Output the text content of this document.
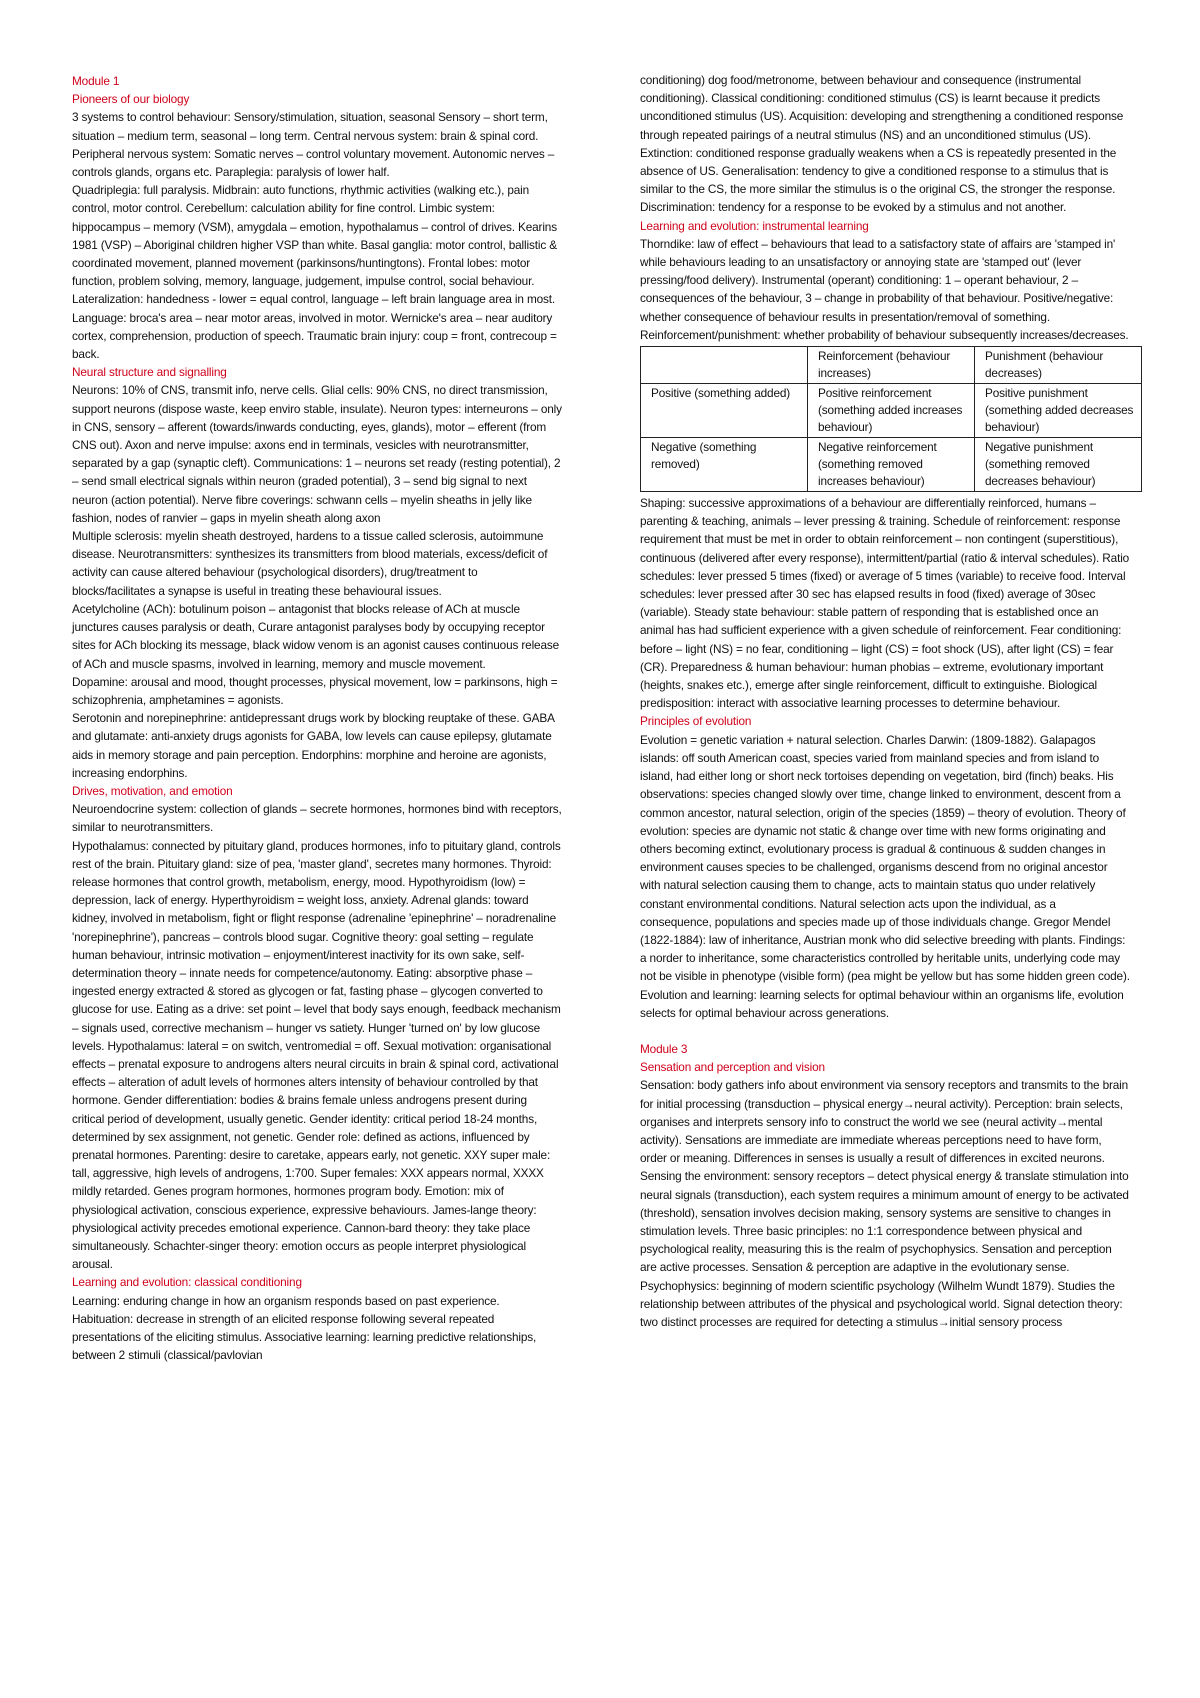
Module 1

Pioneers of our biology

3 systems to control behaviour: Sensory/stimulation, situation, seasonal Sensory – short term, situation – medium term, seasonal – long term. Central nervous system: brain & spinal cord. Peripheral nervous system: Somatic nerves – control voluntary movement. Autonomic nerves – controls glands, organs etc. Paraplegia: paralysis of lower half.

Quadriplegia: full paralysis. Midbrain: auto functions, rhythmic activities (walking etc.), pain control, motor control. Cerebellum: calculation ability for fine control. Limbic system: hippocampus – memory (VSM), amygdala – emotion, hypothalamus – control of drives. Kearins 1981 (VSP) – Aboriginal children higher VSP than white. Basal ganglia: motor control, ballistic & coordinated movement, planned movement (parkinsons/huntingtons). Frontal lobes: motor function, problem solving, memory, language, judgement, impulse control, social behaviour.

Lateralization: handedness - lower = equal control, language – left brain language area in most. Language: broca's area – near motor areas, involved in motor. Wernicke's area – near auditory cortex, comprehension, production of speech. Traumatic brain injury: coup = front, contrecoup = back.

Neural structure and signalling

Neurons: 10% of CNS, transmit info, nerve cells. Glial cells: 90% CNS, no direct transmission, support neurons (dispose waste, keep enviro stable, insulate). Neuron types: interneurons – only in CNS, sensory – afferent (towards/inwards conducting, eyes, glands), motor – efferent (from CNS out). Axon and nerve impulse: axons end in terminals, vesicles with neurotransmitter, separated by a gap (synaptic cleft). Communications: 1 – neurons set ready (resting potential), 2 – send small electrical signals within neuron (graded potential), 3 – send big signal to next neuron (action potential). Nerve fibre coverings: schwann cells – myelin sheaths in jelly like fashion, nodes of ranvier – gaps in myelin sheath along axon

Multiple sclerosis: myelin sheath destroyed, hardens to a tissue called sclerosis, autoimmune disease. Neurotransmitters: synthesizes its transmitters from blood materials, excess/deficit of activity can cause altered behaviour (psychological disorders), drug/treatment to blocks/facilitates a synapse is useful in treating these behavioural issues.

Acetylcholine (ACh): botulinum poison – antagonist that blocks release of ACh at muscle junctures causes paralysis or death, Curare antagonist paralyses body by occupying receptor sites for ACh blocking its message, black widow venom is an agonist causes continuous release of ACh and muscle spasms, involved in learning, memory and muscle movement.

Dopamine: arousal and mood, thought processes, physical movement, low = parkinsons, high = schizophrenia, amphetamines = agonists.

Serotonin and norepinephrine: antidepressant drugs work by blocking reuptake of these. GABA and glutamate: anti-anxiety drugs agonists for GABA, low levels can cause epilepsy, glutamate aids in memory storage and pain perception. Endorphins: morphine and heroine are agonists, increasing endorphins.

Drives, motivation, and emotion

Neuroendocrine system: collection of glands – secrete hormones, hormones bind with receptors, similar to neurotransmitters.

Hypothalamus: connected by pituitary gland, produces hormones, info to pituitary gland, controls rest of the brain. Pituitary gland: size of pea, 'master gland', secretes many hormones. Thyroid: release hormones that control growth, metabolism, energy, mood. Hypothyroidism (low) = depression, lack of energy. Hyperthyroidism = weight loss, anxiety. Adrenal glands: toward kidney, involved in metabolism, fight or flight response (adrenaline 'epinephrine' – noradrenaline 'norepinephrine'), pancreas – controls blood sugar. Cognitive theory: goal setting – regulate human behaviour, intrinsic motivation – enjoyment/interest inactivity for its own sake, self-determination theory – innate needs for competence/autonomy. Eating: absorptive phase – ingested energy extracted & stored as glycogen or fat, fasting phase – glycogen converted to glucose for use. Eating as a drive: set point – level that body says enough, feedback mechanism – signals used, corrective mechanism – hunger vs satiety. Hunger 'turned on' by low glucose levels. Hypothalamus: lateral = on switch, ventromedial = off. Sexual motivation: organisational effects – prenatal exposure to androgens alters neural circuits in brain & spinal cord, activational effects – alteration of adult levels of hormones alters intensity of behaviour controlled by that hormone. Gender differentiation: bodies & brains female unless androgens present during critical period of development, usually genetic. Gender identity: critical period 18-24 months, determined by sex assignment, not genetic. Gender role: defined as actions, influenced by prenatal hormones. Parenting: desire to caretake, appears early, not genetic. XXY super male: tall, aggressive, high levels of androgens, 1:700. Super females: XXX appears normal, XXXX mildly retarded. Genes program hormones, hormones program body. Emotion: mix of physiological activation, conscious experience, expressive behaviours. James-lange theory: physiological activity precedes emotional experience. Cannon-bard theory: they take place simultaneously. Schachter-singer theory: emotion occurs as people interpret physiological arousal.

Learning and evolution: classical conditioning

Learning: enduring change in how an organism responds based on past experience. Habituation: decrease in strength of an elicited response following several repeated presentations of the eliciting stimulus. Associative learning: learning predictive relationships, between 2 stimuli (classical/pavlovian

conditioning) dog food/metronome, between behaviour and consequence (instrumental conditioning). Classical conditioning: conditioned stimulus (CS) is learnt because it predicts unconditioned stimulus (US). Acquisition: developing and strengthening a conditioned response through repeated pairings of a neutral stimulus (NS) and an unconditioned stimulus (US). Extinction: conditioned response gradually weakens when a CS is repeatedly presented in the absence of US. Generalisation: tendency to give a conditioned response to a stimulus that is similar to the CS, the more similar the stimulus is o the original CS, the stronger the response. Discrimination: tendency for a response to be evoked by a stimulus and not another.

Learning and evolution: instrumental learning

Thorndike: law of effect – behaviours that lead to a satisfactory state of affairs are 'stamped in' while behaviours leading to an unsatisfactory or annoying state are 'stamped out' (lever pressing/food delivery). Instrumental (operant) conditioning: 1 – operant behaviour, 2 – consequences of the behaviour, 3 – change in probability of that behaviour. Positive/negative: whether consequence of behaviour results in presentation/removal of something. Reinforcement/punishment: whether probability of behaviour subsequently increases/decreases.

	Reinforcement (behaviour increases)	Punishment (behaviour decreases)
Positive (something added)	Positive reinforcement (something added increases behaviour)	Positive punishment (something added decreases behaviour)
Negative (something removed)	Negative reinforcement (something removed increases behaviour)	Negative punishment (something removed decreases behaviour)

Shaping: successive approximations of a behaviour are differentially reinforced, humans – parenting & teaching, animals – lever pressing & training. Schedule of reinforcement: response requirement that must be met in order to obtain reinforcement – non contingent (superstitious), continuous (delivered after every response), intermittent/partial (ratio & interval schedules). Ratio schedules: lever pressed 5 times (fixed) or average of 5 times (variable) to receive food. Interval schedules: lever pressed after 30 sec has elapsed results in food (fixed) average of 30sec (variable). Steady state behaviour: stable pattern of responding that is established once an animal has had sufficient experience with a given schedule of reinforcement. Fear conditioning: before – light (NS) = no fear, conditioning – light (CS) = foot shock (US), after light (CS) = fear (CR). Preparedness & human behaviour: human phobias – extreme, evolutionary important (heights, snakes etc.), emerge after single reinforcement, difficult to extinguishe. Biological predisposition: interact with associative learning processes to determine behaviour.

Principles of evolution

Evolution = genetic variation + natural selection. Charles Darwin: (1809-1882). Galapagos islands: off south American coast, species varied from mainland species and from island to island, had either long or short neck tortoises depending on vegetation, bird (finch) beaks. His observations: species changed slowly over time, change linked to environment, descent from a common ancestor, natural selection, origin of the species (1859) – theory of evolution. Theory of evolution: species are dynamic not static & change over time with new forms originating and others becoming extinct, evolutionary process is gradual & continuous & sudden changes in environment causes species to be challenged, organisms descend from no original ancestor with natural selection causing them to change, acts to maintain status quo under relatively constant environmental conditions. Natural selection acts upon the individual, as a consequence, populations and species made up of those individuals change. Gregor Mendel (1822-1884): law of inheritance, Austrian monk who did selective breeding with plants. Findings: a norder to inheritance, some characteristics controlled by heritable units, underlying code may not be visible in phenotype (visible form) (pea might be yellow but has some hidden green code). Evolution and learning: learning selects for optimal behaviour within an organisms life, evolution selects for optimal behaviour across generations.

Module 3

Sensation and perception and vision

Sensation: body gathers info about environment via sensory receptors and transmits to the brain for initial processing (transduction – physical energy→neural activity). Perception: brain selects, organises and interprets sensory info to construct the world we see (neural activity→mental activity). Sensations are immediate are immediate whereas perceptions need to have form, order or meaning. Differences in senses is usually a result of differences in excited neurons. Sensing the environment: sensory receptors – detect physical energy & translate stimulation into neural signals (transduction), each system requires a minimum amount of energy to be activated (threshold), sensation involves decision making, sensory systems are sensitive to changes in stimulation levels. Three basic principles: no 1:1 correspondence between physical and psychological reality, measuring this is the realm of psychophysics. Sensation and perception are active processes. Sensation & perception are adaptive in the evolutionary sense. Psychophysics: beginning of modern scientific psychology (Wilhelm Wundt 1879). Studies the relationship between attributes of the physical and psychological world. Signal detection theory: two distinct processes are required for detecting a stimulus→initial sensory process
